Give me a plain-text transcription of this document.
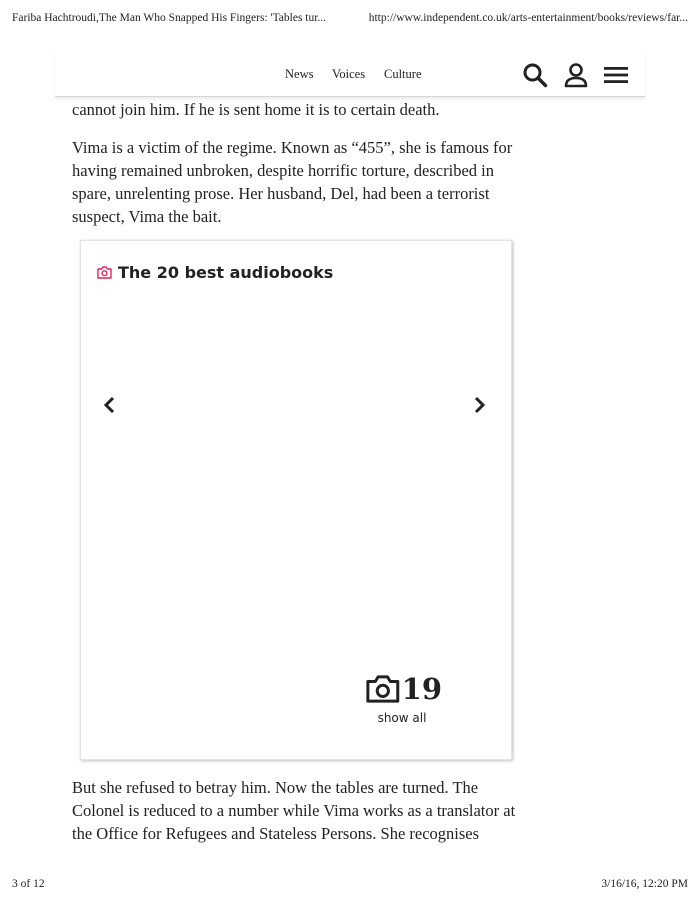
Fariba Hachtroudi,The Man Who Snapped His Fingers: 'Tables tur...	http://www.independent.co.uk/arts-entertainment/books/reviews/far...
News Voices Culture

cannot join him. If he is sent home it is to certain death.

Vima is a victim of the regime. Known as “455”, she is famous for having remained unbroken, despite horrific torture, described in spare, unrelenting prose. Her husband, Del, had been a terrorist suspect, Vima the bait.

But she refused to betray him. Now the tables are turned. The Colonel is reduced to a number while Vima works as a translator at the Office for Refugees and Stateless Persons. She recognises

The 20 best audiobooks
19
show all
3 of 12	3/16/16, 12:20 PM
